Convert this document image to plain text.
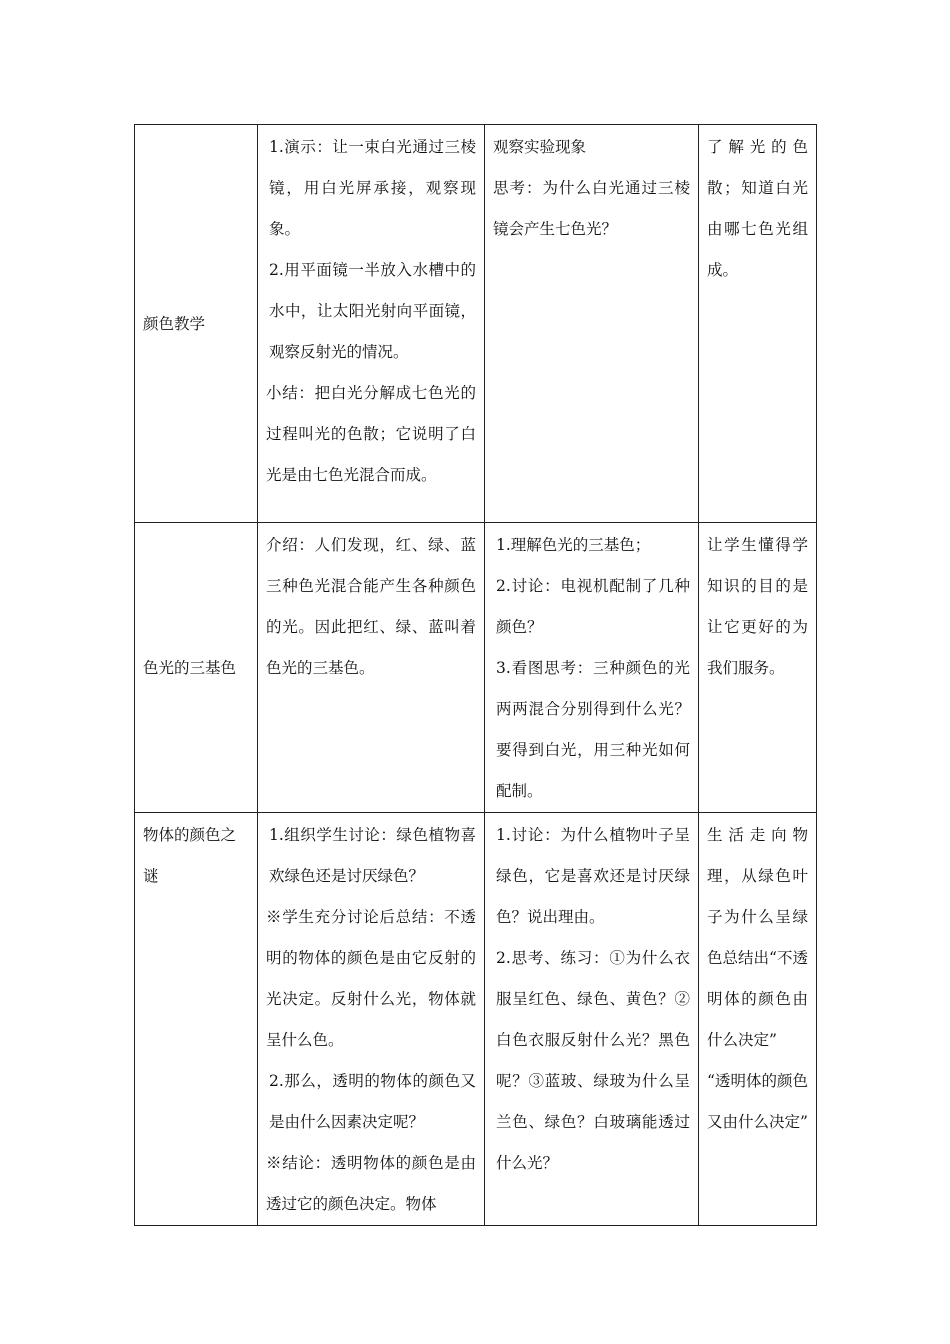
颜色教学	1.演示：让一束白光通过三棱镜，用白光屏承接，观察现象。
2.用平面镜一半放入水槽中的水中，让太阳光射向平面镜，观察反射光的情况。
小结：把白光分解成七色光的过程叫光的色散；它说明了白光是由七色光混合而成。	观察实验现象
思考：为什么白光通过三棱镜会产生七色光？	了解光的色散；知道白光由哪七色光组成。

色光的三基色	介绍：人们发现，红、绿、蓝三种色光混合能产生各种颜色的光。因此把红、绿、蓝叫着色光的三基色。	1.理解色光的三基色；
2.讨论：电视机配制了几种颜色？
3.看图思考：三种颜色的光两两混合分别得到什么光？要得到白光，用三种光如何配制。	让学生懂得学知识的目的是让它更好的为我们服务。

物体的颜色之谜	1.组织学生讨论：绿色植物喜欢绿色还是讨厌绿色？
※学生充分讨论后总结：不透明的物体的颜色是由它反射的光决定。反射什么光，物体就呈什么色。
2.那么，透明的物体的颜色又是由什么因素决定呢？
※结论：透明物体的颜色是由透过它的颜色决定。物体	1.讨论：为什么植物叶子呈绿色，它是喜欢还是讨厌绿色？说出理由。
2.思考、练习：①为什么衣服呈红色、绿色、黄色？②白色衣服反射什么光？黑色呢？③蓝玻、绿玻为什么呈兰色、绿色？白玻璃能透过什么光？	生活走向物理，从绿色叶子为什么呈绿色总结出“不透明体的颜色由什么决定”
“透明体的颜色又由什么决定”
